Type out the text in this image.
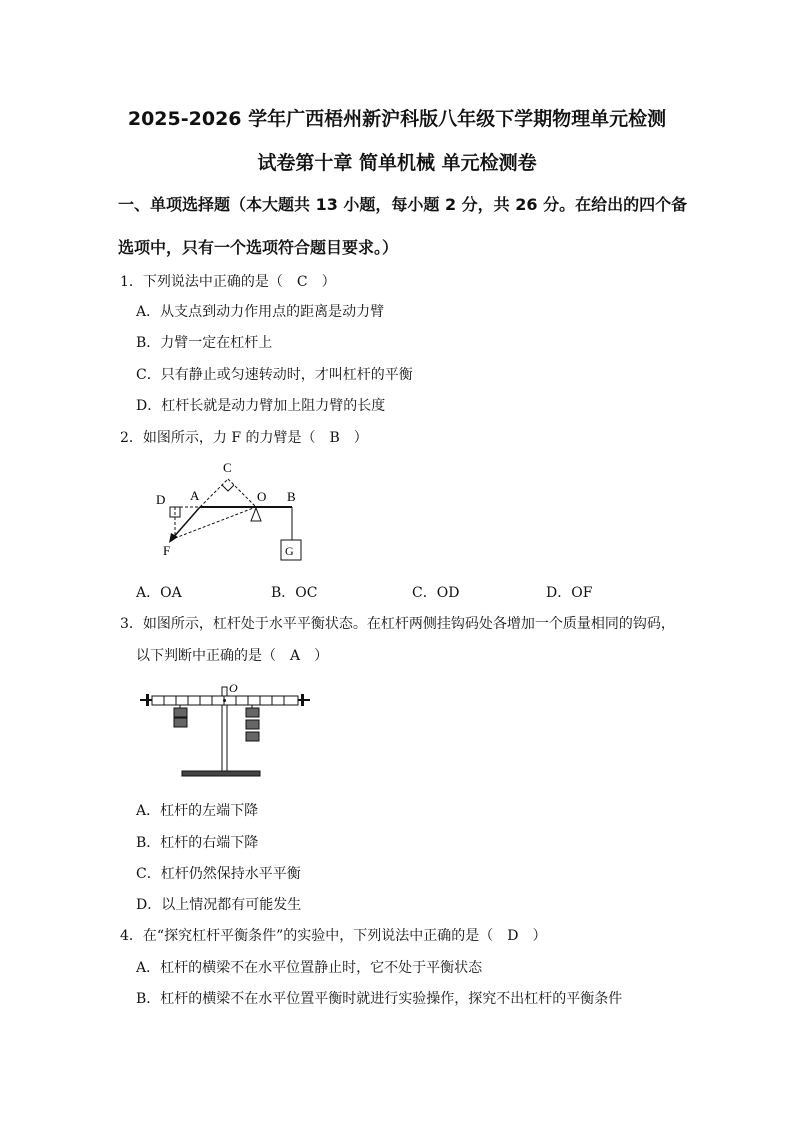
2025-2026 学年广西梧州新沪科版八年级下学期物理单元检测
试卷第十章 简单机械 单元检测卷
一、单项选择题（本大题共 13 小题，每小题 2 分，共 26 分。在给出的四个备
选项中，只有一个选项符合题目要求。）
1．下列说法中正确的是（　C　）
A．从支点到动力作用点的距离是动力臂
B．力臂一定在杠杆上
C．只有静止或匀速转动时，才叫杠杆的平衡
D．杠杆长就是动力臂加上阻力臂的长度
2．如图所示，力 F 的力臂是（　B　）
C
D A	O B
F	G
A．OA	B．OC	C．OD	D．OF
3．如图所示，杠杆处于水平平衡状态。在杠杆两侧挂钩码处各增加一个质量相同的钩码，
以下判断中正确的是（　A　）
O
A．杠杆的左端下降
B．杠杆的右端下降
C．杠杆仍然保持水平平衡
D．以上情况都有可能发生
4．在“探究杠杆平衡条件”的实验中，下列说法中正确的是（　D　）
A．杠杆的横梁不在水平位置静止时，它不处于平衡状态
B．杠杆的横梁不在水平位置平衡时就进行实验操作，探究不出杠杆的平衡条件
